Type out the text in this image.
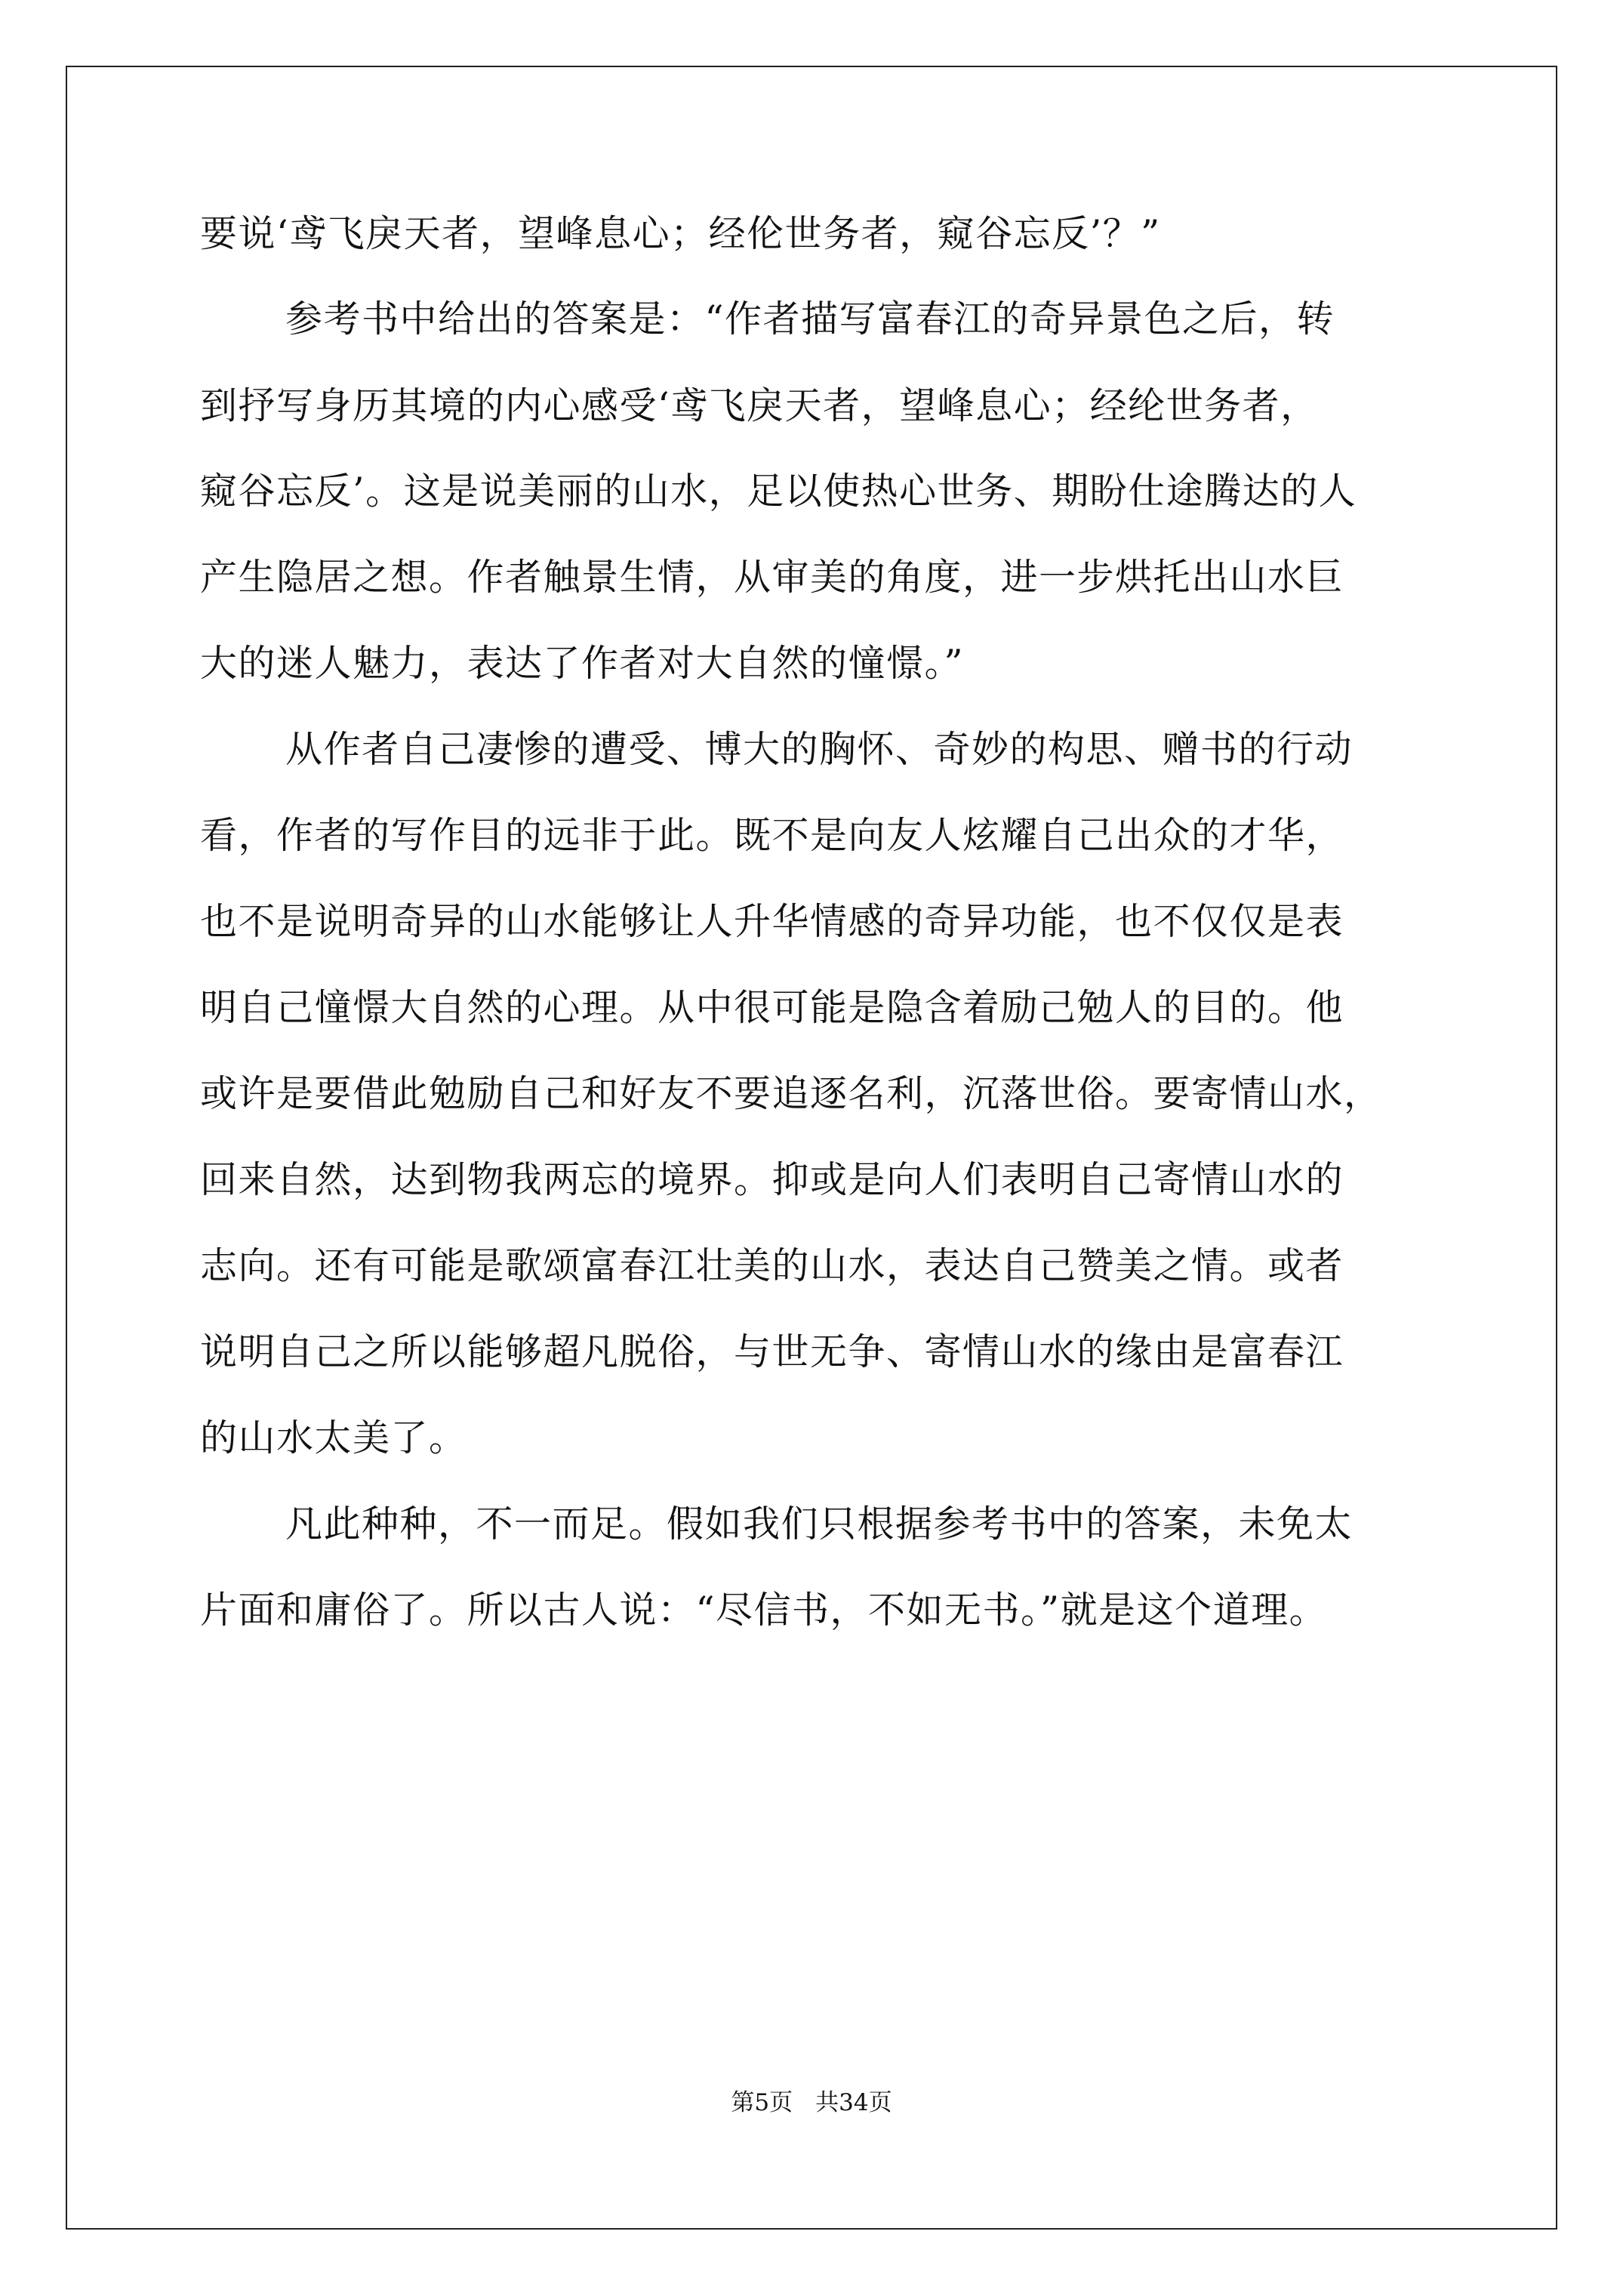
要说‘鸢飞戾天者，望峰息心；经伦世务者，窥谷忘反’？”
参考书中给出的答案是：“作者描写富春江的奇异景色之后，转
到抒写身历其境的内心感受‘鸢飞戾天者，望峰息心；经纶世务者，
窥谷忘反’。这是说美丽的山水，足以使热心世务、期盼仕途腾达的人
产生隐居之想。作者触景生情，从审美的角度，进一步烘托出山水巨
大的迷人魅力，表达了作者对大自然的憧憬。”
从作者自己凄惨的遭受、博大的胸怀、奇妙的构思、赠书的行动
看，作者的写作目的远非于此。既不是向友人炫耀自己出众的才华，
也不是说明奇异的山水能够让人升华情感的奇异功能，也不仅仅是表
明自己憧憬大自然的心理。从中很可能是隐含着励己勉人的目的。他
或许是要借此勉励自己和好友不要追逐名利，沉落世俗。要寄情山水，
回来自然，达到物我两忘的境界。抑或是向人们表明自己寄情山水的
志向。还有可能是歌颂富春江壮美的山水，表达自己赞美之情。或者
说明自己之所以能够超凡脱俗，与世无争、寄情山水的缘由是富春江
的山水太美了。
凡此种种，不一而足。假如我们只根据参考书中的答案，未免太
片面和庸俗了。所以古人说：“尽信书，不如无书。”就是这个道理。
第5页 共34页
